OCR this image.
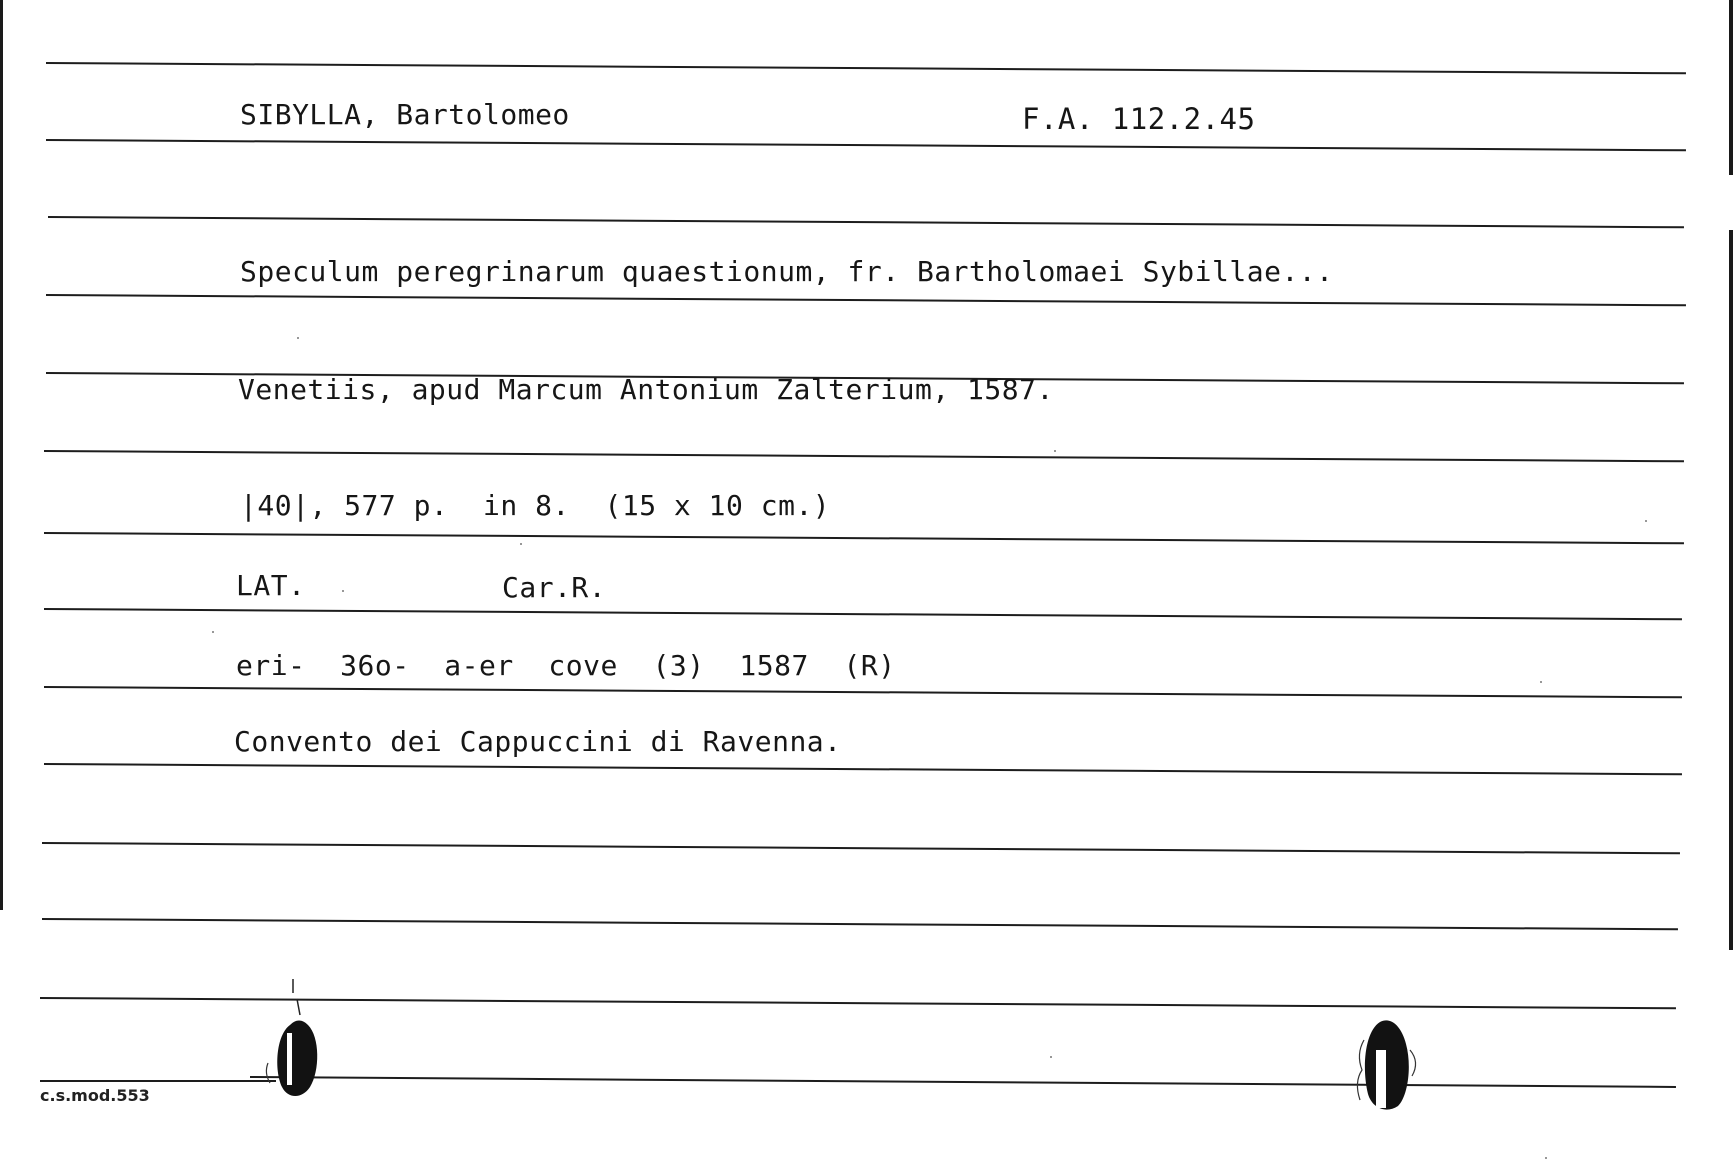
SIBYLLA, Bartolomeo	F.A. 112.2.45
Speculum peregrinarum quaestionum, fr. Bartholomaei Sybillae...
Venetiis, apud Marcum Antonium Zalterium, 1587.
|40|, 577 p.  in 8.  (15 x 10 cm.)
LAT.	Car.R.
eri-  36o-  a-er  cove  (3)  1587  (R)
Convento dei Cappuccini di Ravenna.
c.s.mod.553
